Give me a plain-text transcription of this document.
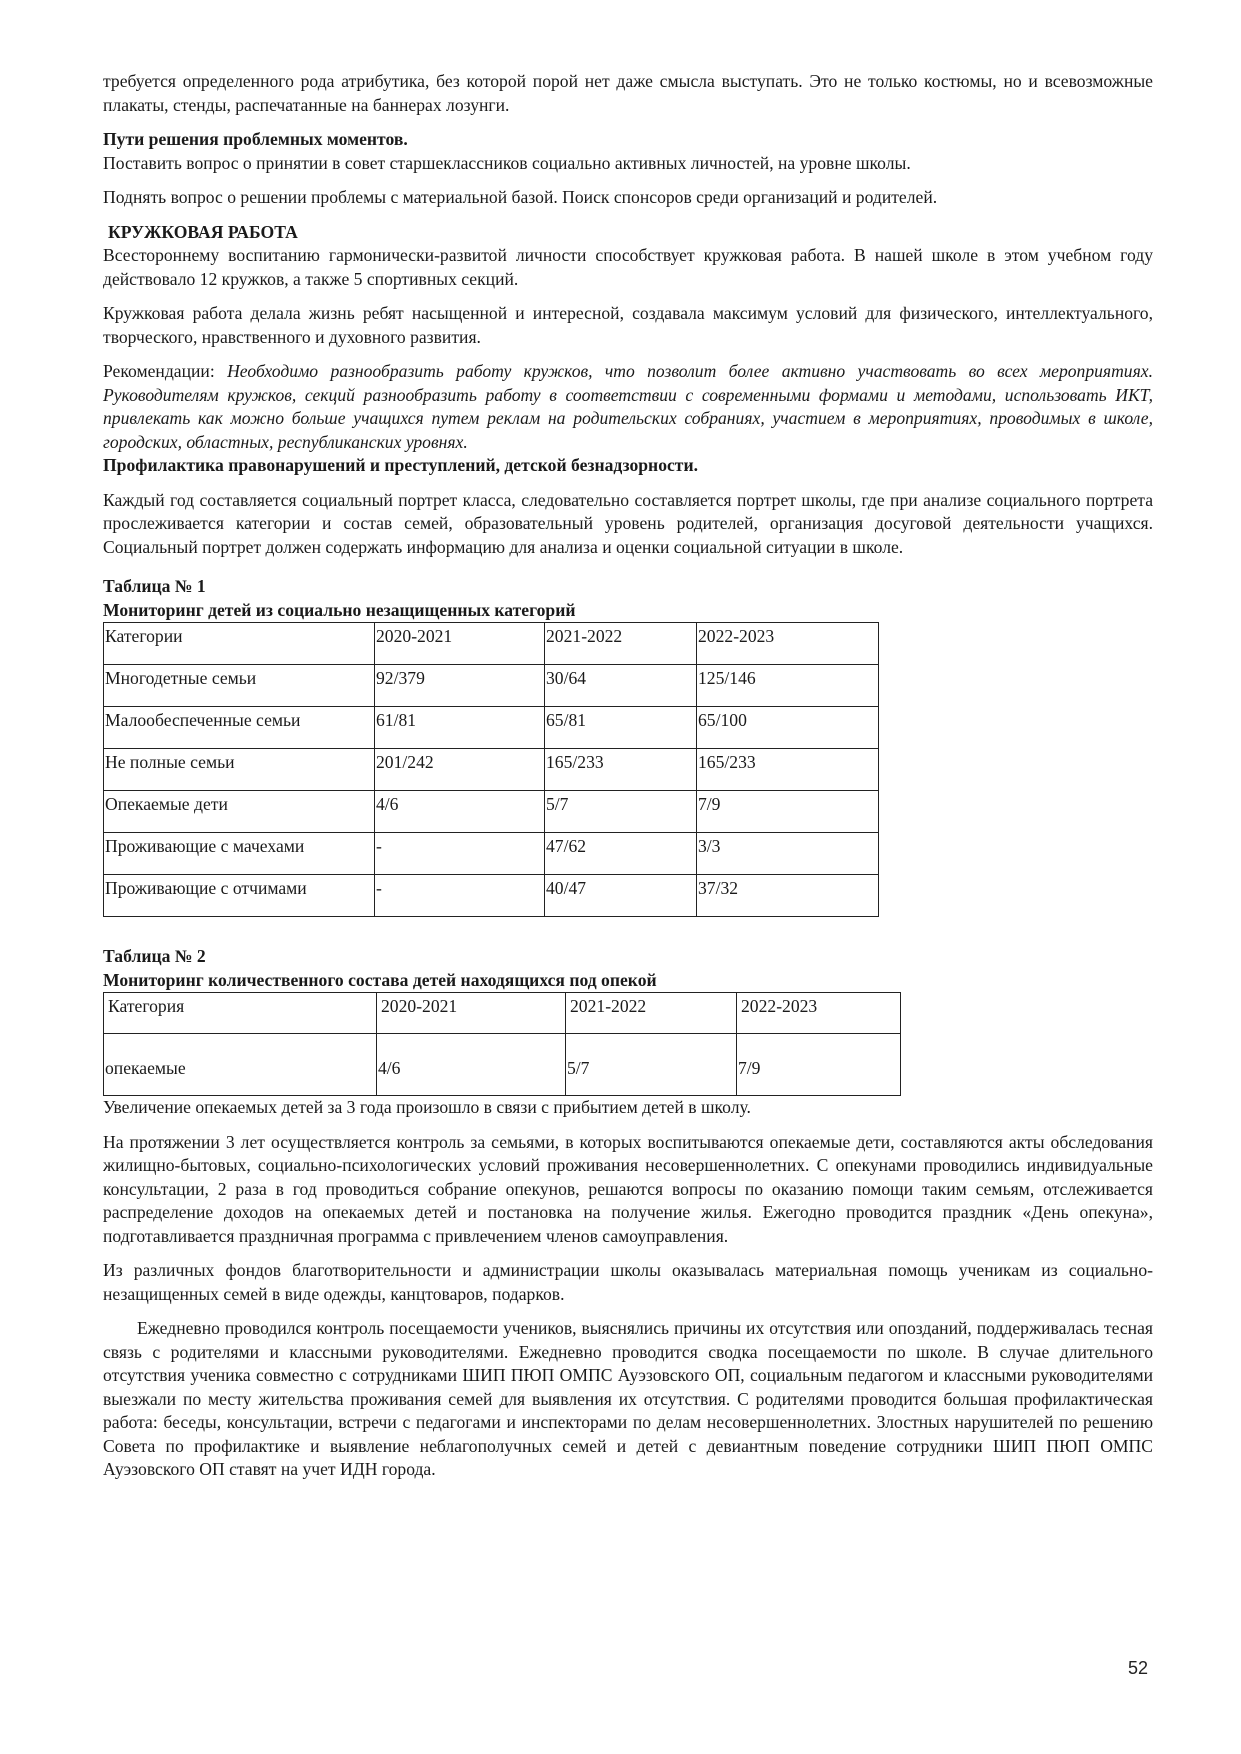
требуется определенного рода атрибутика, без которой порой нет даже смысла выступать. Это не только костюмы, но и всевозможные плакаты, стенды, распечатанные на баннерах лозунги.

Пути решения проблемных моментов.

Поставить вопрос о принятии в совет старшеклассников социально активных личностей, на уровне школы.

Поднять вопрос о решении проблемы с материальной базой. Поиск спонсоров среди организаций и родителей.

КРУЖКОВАЯ РАБОТА

Всестороннему воспитанию гармонически-развитой личности способствует кружковая работа. В нашей школе в этом учебном году действовало 12 кружков, а также 5 спортивных секций.

Кружковая работа делала жизнь ребят насыщенной и интересной, создавала максимум условий для физического, интеллектуального, творческого, нравственного и духовного развития.

Рекомендации: Необходимо разнообразить работу кружков, что позволит более активно участвовать во всех мероприятиях. Руководителям кружков, секций разнообразить работу в соответствии с современными формами и методами, использовать ИКТ, привлекать как можно больше учащихся путем реклам на родительских собраниях, участием в мероприятиях, проводимых в школе, городских, областных, республиканских уровнях.

Профилактика правонарушений и преступлений, детской безнадзорности.

Каждый год составляется социальный портрет класса, следовательно составляется портрет школы, где при анализе социального портрета прослеживается категории и состав семей, образовательный уровень родителей, организация досуговой деятельности учащихся. Социальный портрет должен содержать информацию для анализа и оценки социальной ситуации в школе.

Таблица № 1

Мониторинг детей из социально незащищенных категорий

Категории	2020-2021	2021-2022	2022-2023
Многодетные семьи	92/379	30/64	125/146
Малообеспеченные семьи	61/81	65/81	65/100
Не полные семьи	201/242	165/233	165/233
Опекаемые дети	4/6	5/7	7/9
Проживающие с мачехами	-	47/62	3/3
Проживающие с отчимами	-	40/47	37/32

Таблица № 2

Мониторинг количественного состава детей находящихся под опекой

Категория	2020-2021	2021-2022	2022-2023
опекаемые	4/6	5/7	7/9

Увеличение опекаемых детей за 3 года произошло в связи с прибытием детей в школу.

На протяжении 3 лет осуществляется контроль за семьями, в которых воспитываются опекаемые дети, составляются акты обследования жилищно-бытовых, социально-психологических условий проживания несовершеннолетних. С опекунами проводились индивидуальные консультации, 2 раза в год проводиться собрание опекунов, решаются вопросы по оказанию помощи таким семьям, отслеживается распределение доходов на опекаемых детей и постановка на получение жилья. Ежегодно проводится праздник «День опекуна», подготавливается праздничная программа с привлечением членов самоуправления.

Из различных фондов благотворительности и администрации школы оказывалась материальная помощь ученикам из социально-незащищенных семей в виде одежды, канцтоваров, подарков.

Ежедневно проводился контроль посещаемости учеников, выяснялись причины их отсутствия или опозданий, поддерживалась тесная связь с родителями и классными руководителями. Ежедневно проводится сводка посещаемости по школе. В случае длительного отсутствия ученика совместно с сотрудниками ШИП ПЮП ОМПС Ауэзовского ОП, социальным педагогом и классными руководителями выезжали по месту жительства проживания семей для выявления их отсутствия. С родителями проводится большая профилактическая работа: беседы, консультации, встречи с педагогами и инспекторами по делам несовершеннолетних. Злостных нарушителей по решению Совета по профилактике и выявление неблагополучных семей и детей с девиантным поведение сотрудники ШИП ПЮП ОМПС Ауэзовского ОП ставят на учет ИДН города.

52
